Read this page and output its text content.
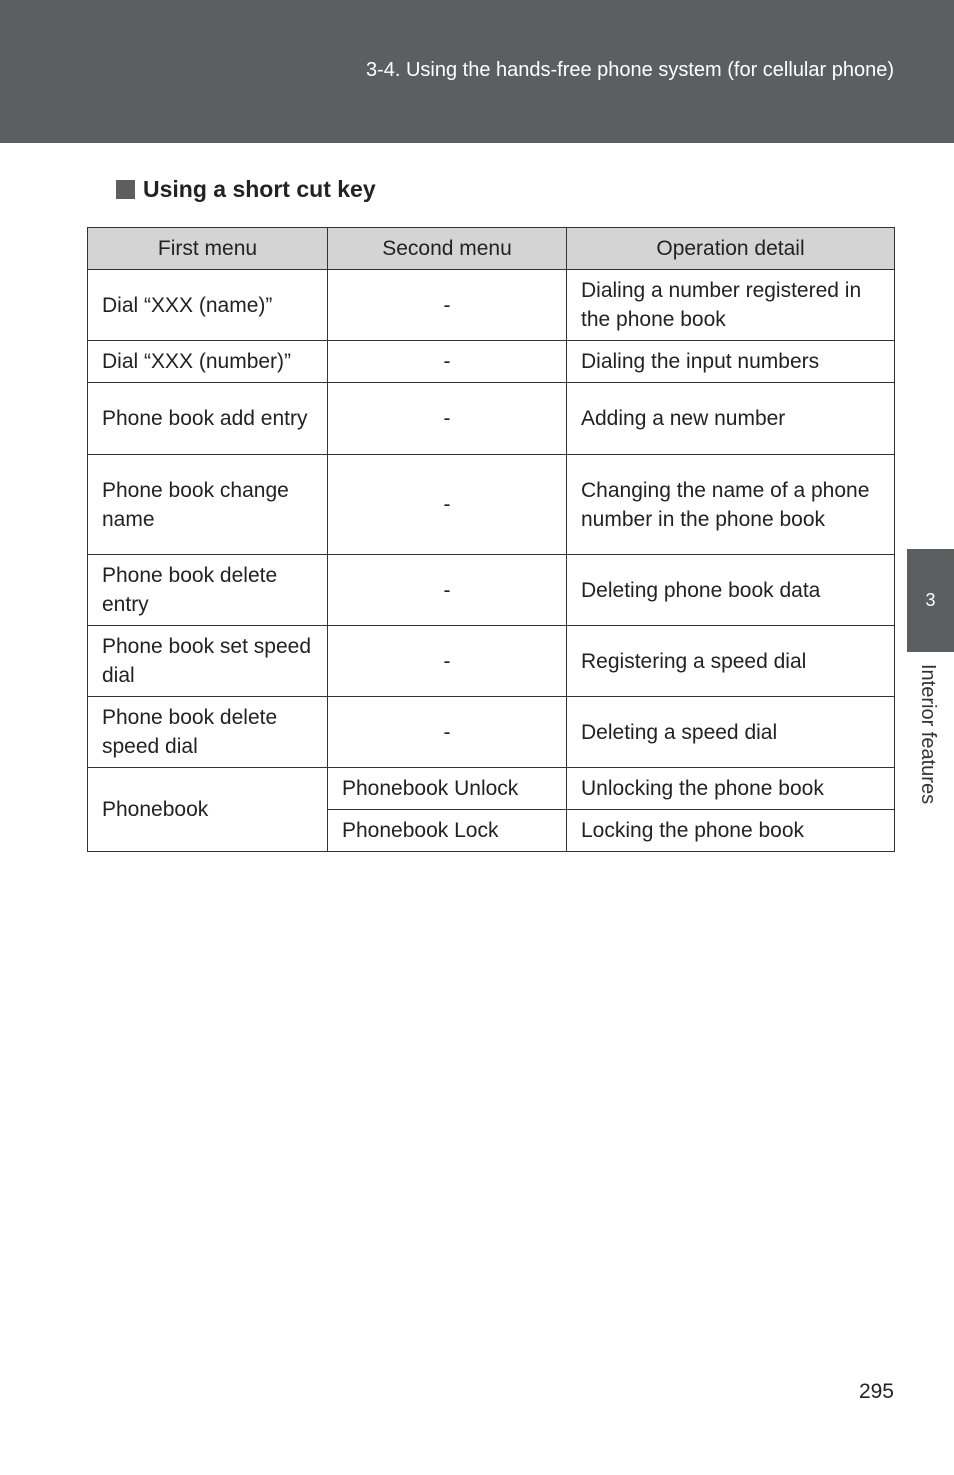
3-4. Using the hands-free phone system (for cellular phone)
Using a short cut key
First menu	Second menu	Operation detail
Dial “XXX (name)”	-	Dialing a number registered in the phone book
Dial “XXX (number)”	-	Dialing the input numbers
Phone book add entry	-	Adding a new number
Phone book change name	-	Changing the name of a phone number in the phone book
Phone book delete entry	-	Deleting phone book data
Phone book set speed dial	-	Registering a speed dial
Phone book delete speed dial	-	Deleting a speed dial
Phonebook	Phonebook Unlock	Unlocking the phone book
	Phonebook Lock	Locking the phone book
3
Interior features
295
